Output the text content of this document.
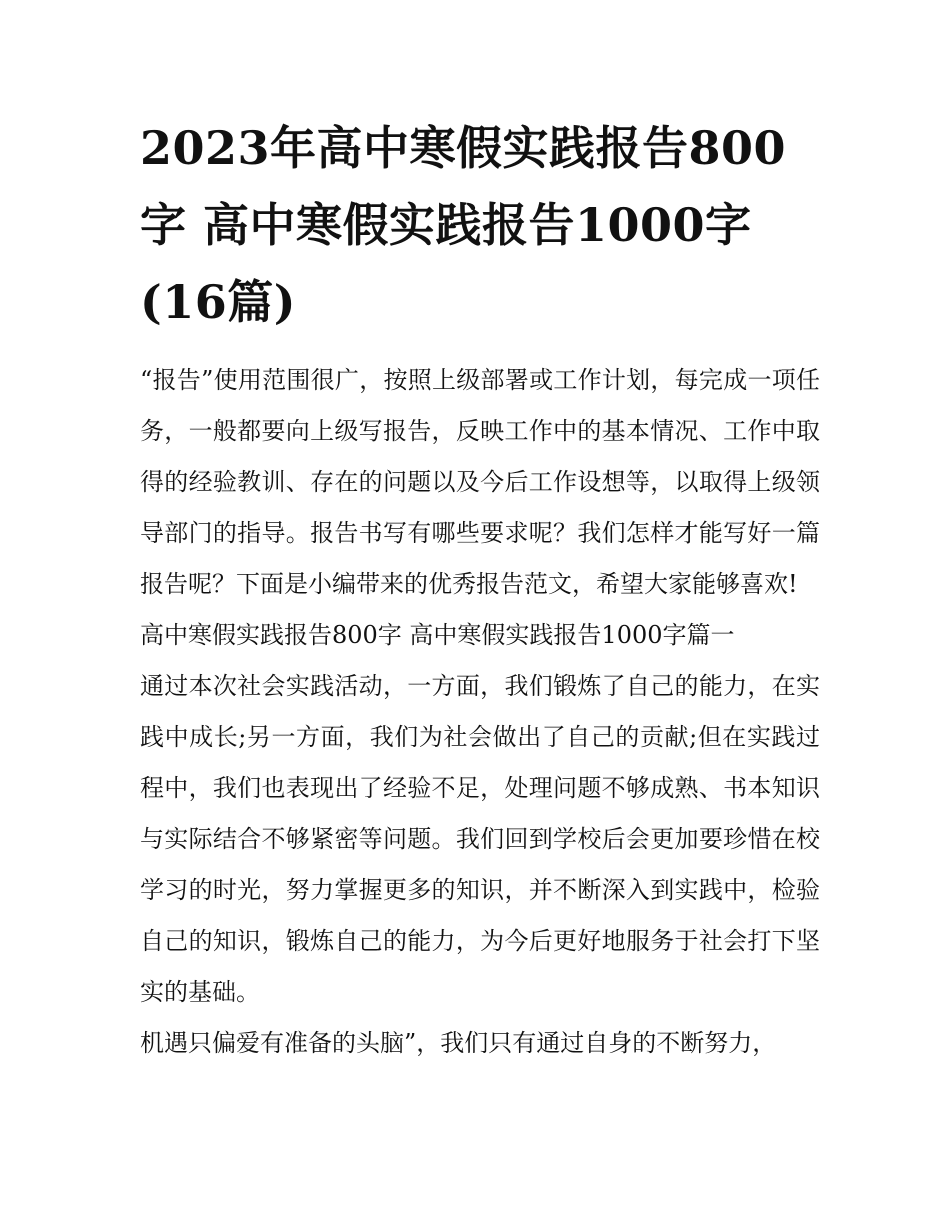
2023年高中寒假实践报告800字 高中寒假实践报告1000字(16篇)

“报告”使用范围很广，按照上级部署或工作计划，每完成一项任务，一般都要向上级写报告，反映工作中的基本情况、工作中取得的经验教训、存在的问题以及今后工作设想等，以取得上级领导部门的指导。报告书写有哪些要求呢？我们怎样才能写好一篇报告呢？下面是小编带来的优秀报告范文，希望大家能够喜欢!

高中寒假实践报告800字 高中寒假实践报告1000字篇一

通过本次社会实践活动，一方面，我们锻炼了自己的能力，在实践中成长;另一方面，我们为社会做出了自己的贡献;但在实践过程中，我们也表现出了经验不足，处理问题不够成熟、书本知识与实际结合不够紧密等问题。我们回到学校后会更加要珍惜在校学习的时光，努力掌握更多的知识，并不断深入到实践中，检验自己的知识，锻炼自己的能力，为今后更好地服务于社会打下坚实的基础。

机遇只偏爱有准备的头脑”，我们只有通过自身的不断努力，
